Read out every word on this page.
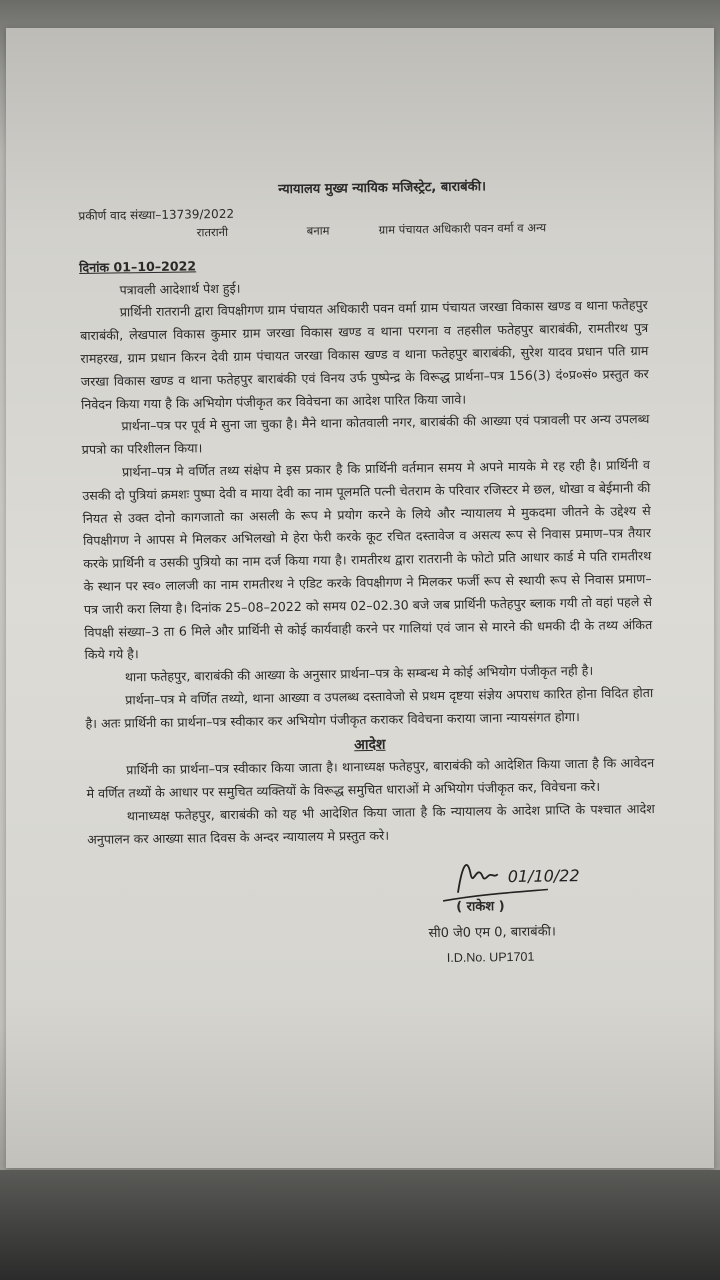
न्यायालय मुख्य न्यायिक मजिस्ट्रेट, बाराबंकी।
प्रकीर्ण वाद संख्या–13739/2022
रातरानी	बनाम	ग्राम पंचायत अधिकारी पवन वर्मा व अन्य

दिनांक 01–10–2022

पत्रावली आदेशार्थ पेश हुई।

प्रार्थिनी रातरानी द्वारा विपक्षीगण ग्राम पंचायत अधिकारी पवन वर्मा ग्राम पंचायत जरखा विकास खण्ड व थाना फतेहपुर बाराबंकी, लेखपाल विकास कुमार ग्राम जरखा विकास खण्ड व थाना परगना व तहसील फतेहपुर बाराबंकी, रामतीरथ पुत्र रामहरख, ग्राम प्रधान किरन देवी ग्राम पंचायत जरखा विकास खण्ड व थाना फतेहपुर बाराबंकी, सुरेश यादव प्रधान पति ग्राम जरखा विकास खण्ड व थाना फतेहपुर बाराबंकी एवं विनय उर्फ पुष्पेन्द्र के विरूद्ध प्रार्थना–पत्र 156(3) दं०प्र०सं० प्रस्तुत कर निवेदन किया गया है कि अभियोग पंजीकृत कर विवेचना का आदेश पारित किया जावे।

प्रार्थना–पत्र पर पूर्व मे सुना जा चुका है। मैने थाना कोतवाली नगर, बाराबंकी की आख्या एवं पत्रावली पर अन्य उपलब्ध प्रपत्रो का परिशीलन किया।

प्रार्थना–पत्र मे वर्णित तथ्य संक्षेप मे इस प्रकार है कि प्रार्थिनी वर्तमान समय मे अपने मायके मे रह रही है। प्रार्थिनी व उसकी दो पुत्रियां क्रमशः पुष्पा देवी व माया देवी का नाम पूलमति पत्नी चेतराम के परिवार रजिस्टर मे छल, धोखा व बेईमानी की नियत से उक्त दोनो कागजातो का असली के रूप मे प्रयोग करने के लिये और न्यायालय मे मुकदमा जीतने के उद्देश्य से विपक्षीगण ने आपस मे मिलकर अभिलखो मे हेरा फेरी करके कूट रचित दस्तावेज व असत्य रूप से निवास प्रमाण–पत्र तैयार करके प्रार्थिनी व उसकी पुत्रियो का नाम दर्ज किया गया है। रामतीरथ द्वारा रातरानी के फोटो प्रति आधार कार्ड मे पति रामतीरथ के स्थान पर स्व० लालजी का नाम रामतीरथ ने एडिट करके विपक्षीगण ने मिलकर फर्जी रूप से स्थायी रूप से निवास प्रमाण–पत्र जारी करा लिया है। दिनांक 25–08–2022 को समय 02–02.30 बजे जब प्रार्थिनी फतेहपुर ब्लाक गयी तो वहां पहले से विपक्षी संख्या–3 ता 6 मिले और प्रार्थिनी से कोई कार्यवाही करने पर गालियां एवं जान से मारने की धमकी दी के तथ्य अंकित किये गये है।

थाना फतेहपुर, बाराबंकी की आख्या के अनुसार प्रार्थना–पत्र के सम्बन्ध मे कोई अभियोग पंजीकृत नही है।

प्रार्थना–पत्र मे वर्णित तथ्यो, थाना आख्या व उपलब्ध दस्तावेजो से प्रथम दृष्टया संज्ञेय अपराध कारित होना विदित होता है। अतः प्रार्थिनी का प्रार्थना–पत्र स्वीकार कर अभियोग पंजीकृत कराकर विवेचना कराया जाना न्यायसंगत होगा।

आदेश

प्रार्थिनी का प्रार्थना–पत्र स्वीकार किया जाता है। थानाध्यक्ष फतेहपुर, बाराबंकी को आदेशित किया जाता है कि आवेदन मे वर्णित तथ्यों के आधार पर समुचित व्यक्तियों के विरूद्ध समुचित धाराओं मे अभियोग पंजीकृत कर, विवेचना करे।

थानाध्यक्ष फतेहपुर, बाराबंकी को यह भी आदेशित किया जाता है कि न्यायालय के आदेश प्राप्ति के पश्चात आदेश अनुपालन कर आख्या सात दिवस के अन्दर न्यायालय मे प्रस्तुत करे।

01/10/22
( राकेश )
सी0 जे0 एम 0, बाराबंकी।
I.D.No. UP1701
